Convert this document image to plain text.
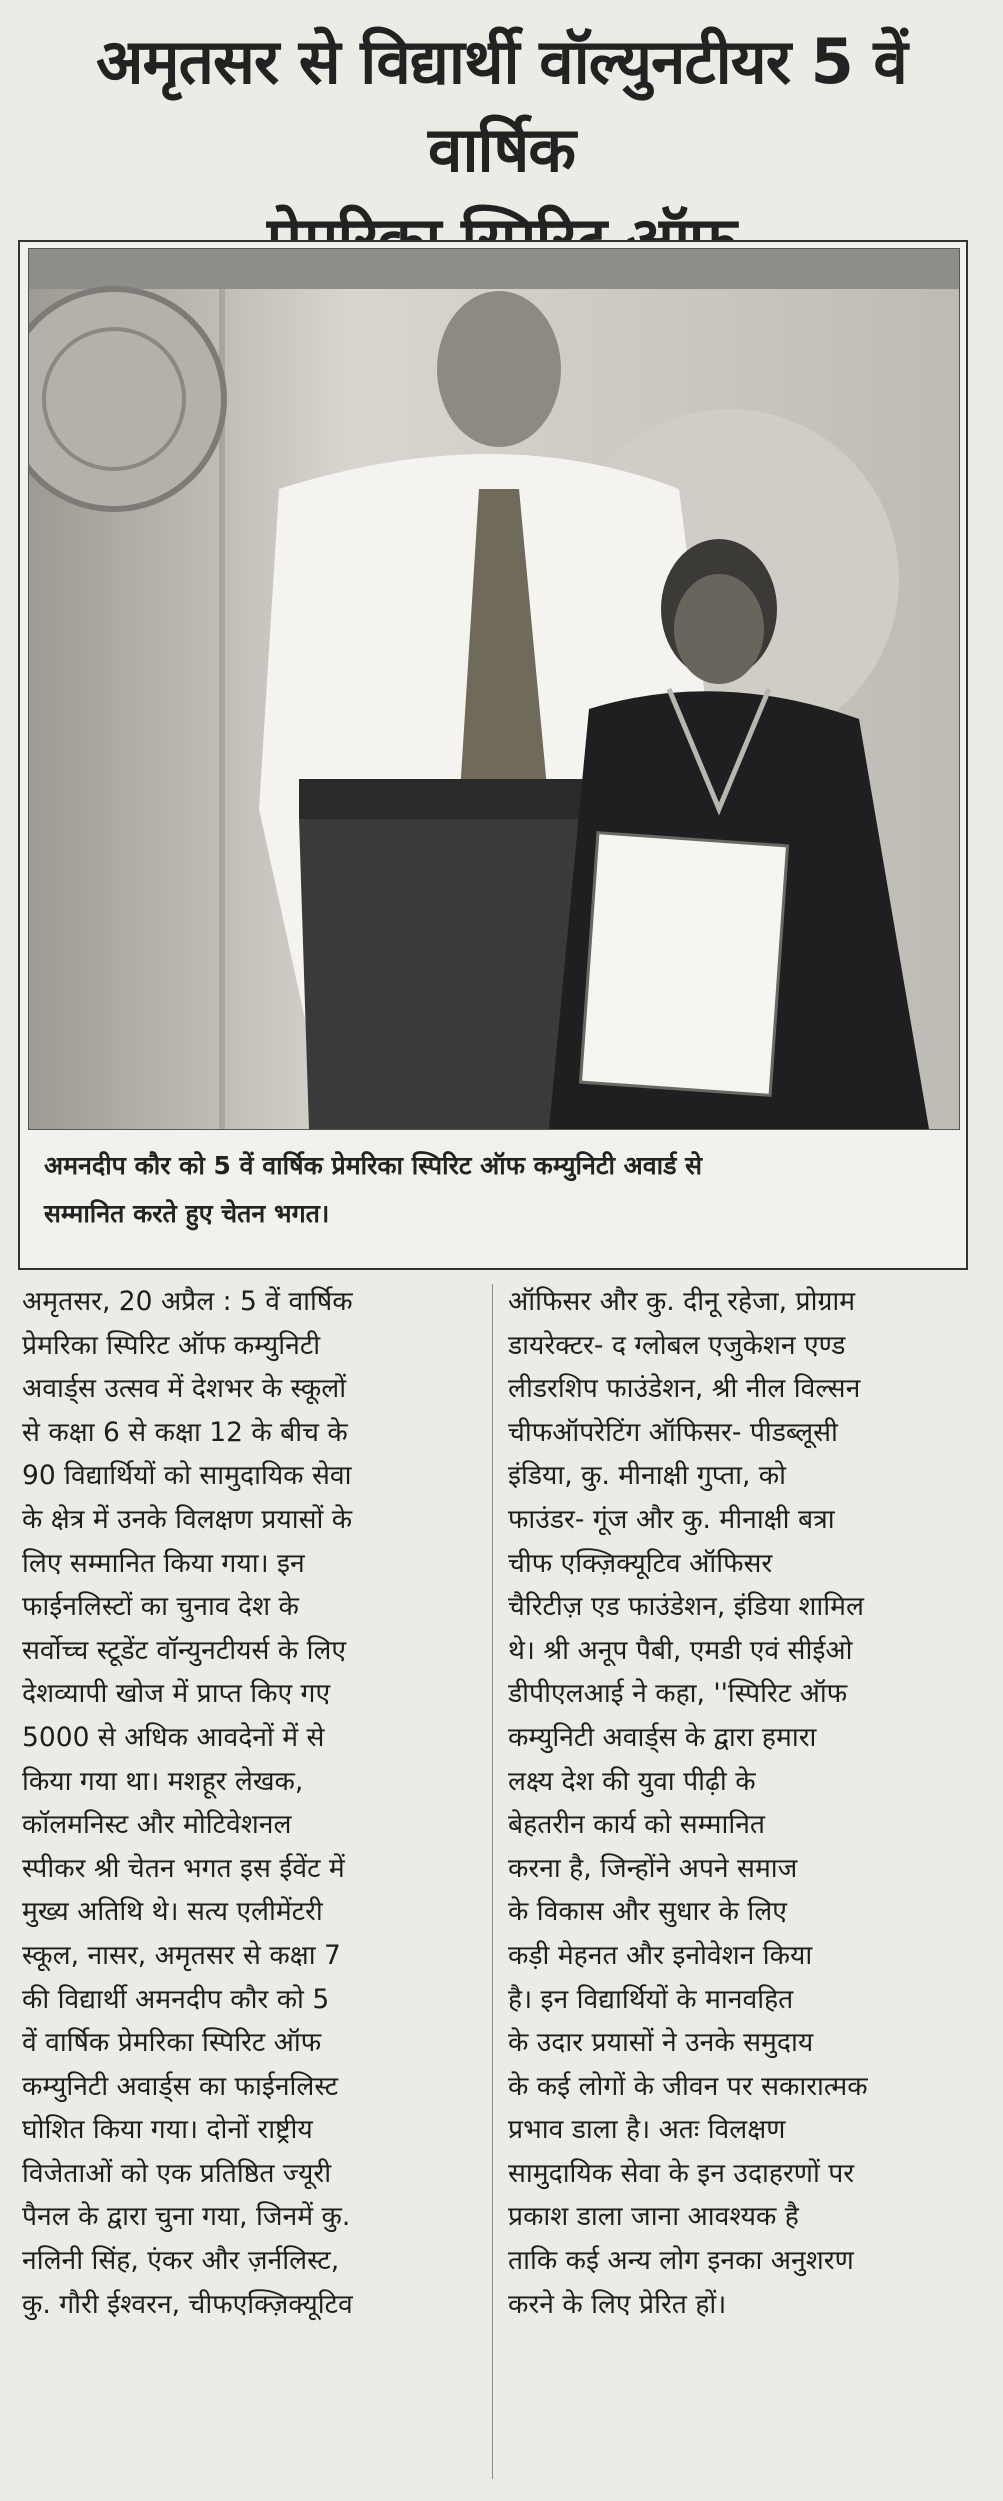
अमृतसर से विद्यार्थी वॉल्युनटीयर 5 वें वार्षिक
अमनदीप कौर को 5 वें वार्षिक प्रेमरिका स्पिरिट ऑफ कम्युनिटी अवार्ड से
सम्मानित करते हुए चेतन भगत।

अमृतसर, 20 अप्रैल : 5 वें वार्षिक
प्रेमरिका स्पिरिट ऑफ कम्युनिटी
अवार्ड्स उत्सव में देशभर के स्कूलों
से कक्षा 6 से कक्षा 12 के बीच के
90 विद्यार्थियों को सामुदायिक सेवा
के क्षेत्र में उनके विलक्षण प्रयासों के
लिए सम्मानित किया गया। इन
फाईनलिस्टों का चुनाव देश के
सर्वोच्च स्टूडेंट वॉन्युनटीयर्स के लिए
देशव्यापी खोज में प्राप्त किए गए
5000 से अधिक आवदेनों में से
किया गया था। मशहूर लेखक,
कॉलमनिस्ट और मोटिवेशनल
स्पीकर श्री चेतन भगत इस ईवेंट में
मुख्य अतिथि थे। सत्य एलीमेंटरी
स्कूल, नासर, अमृतसर से कक्षा 7
की विद्यार्थी अमनदीप कौर को 5
वें वार्षिक प्रेमरिका स्पिरिट ऑफ
कम्युनिटी अवार्ड्स का फाईनलिस्ट
घोशित किया गया। दोनों राष्ट्रीय
विजेताओं को एक प्रतिष्ठित ज्यूरी
पैनल के द्वारा चुना गया, जिनमें कु.
नलिनी सिंह, एंकर और ज़र्नलिस्ट,
कु. गौरी ईश्वरन, चीफएक्ज़िक्यूटिव

ऑफिसर और कु. दीनू रहेजा, प्रोग्राम
डायरेक्टर- द ग्लोबल एजुकेशन एण्ड
लीडरशिप फाउंडेशन, श्री नील विल्सन
चीफऑपरेटिंग ऑफिसर- पीडब्लूसी
इंडिया, कु. मीनाक्षी गुप्ता, को
फाउंडर- गूंज और कु. मीनाक्षी बत्रा
चीफ एक्ज़िक्यूटिव ऑफिसर
चैरिटीज़ एड फाउंडेशन, इंडिया शामिल
थे। श्री अनूप पैबी, एमडी एवं सीईओ
डीपीएलआई ने कहा, ''स्पिरिट ऑफ
कम्युनिटी अवार्ड्स के द्वारा हमारा
लक्ष्य देश की युवा पीढ़ी के
बेहतरीन कार्य को सम्मानित
करना है, जिन्होंने अपने समाज
के विकास और सुधार के लिए
कड़ी मेहनत और इनोवेशन किया
है। इन विद्यार्थियों के मानवहित
के उदार प्रयासों ने उनके समुदाय
के कई लोगों के जीवन पर सकारात्मक
प्रभाव डाला है। अतः विलक्षण
सामुदायिक सेवा के इन उदाहरणों पर
प्रकाश डाला जाना आवश्यक है
ताकि कई अन्य लोग इनका अनुशरण
करने के लिए प्रेरित हों।
